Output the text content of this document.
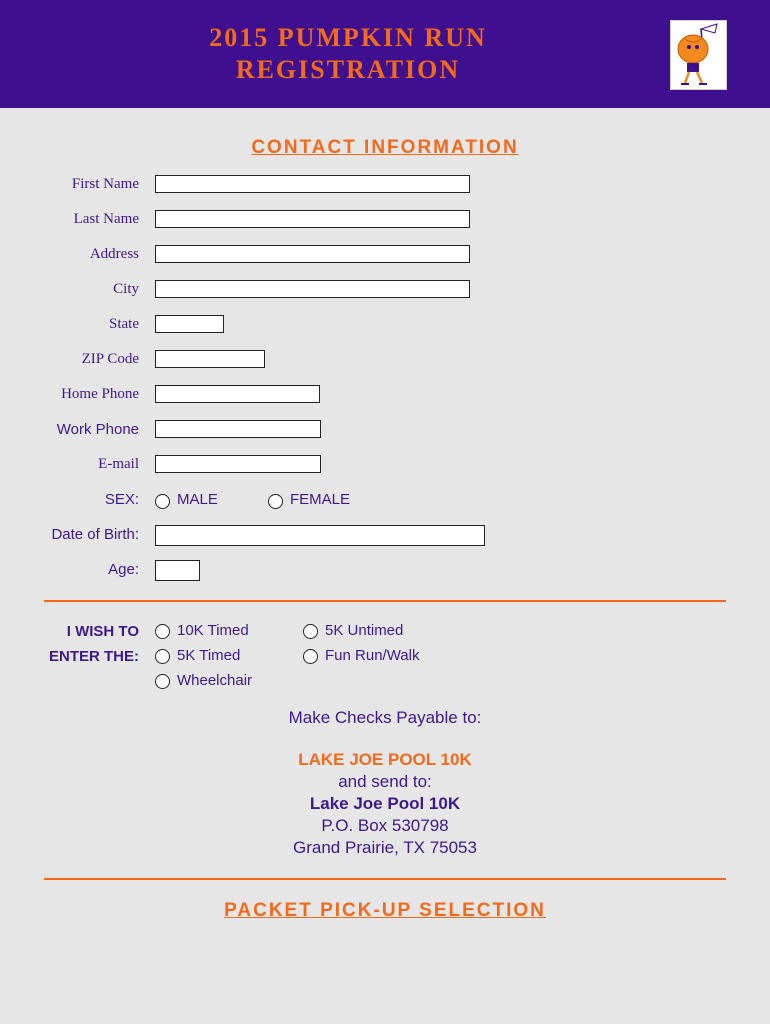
2015 PUMPKIN RUN
REGISTRATION
CONTACT INFORMATION
First Name
Last Name
Address
City
State
ZIP Code
Home Phone
Work Phone
E-mail
SEX:	MALE	FEMALE
Date of Birth:
Age:
I WISH TO
ENTER THE:
10K Timed	5K Untimed
5K Timed	Fun Run/Walk
Wheelchair
Make Checks Payable to:
LAKE JOE POOL 10K
and send to:
Lake Joe Pool 10K
P.O. Box 530798
Grand Prairie, TX 75053
PACKET PICK-UP SELECTION
